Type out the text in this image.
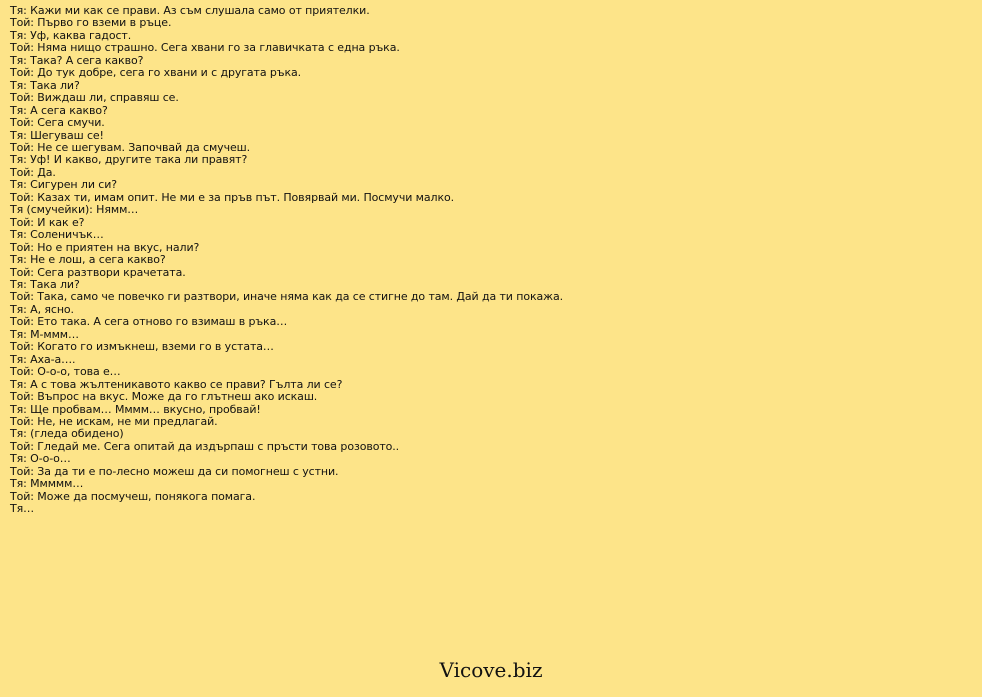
Тя: Кажи ми как се прави. Аз съм слушала само от приятелки.
Той: Първо го вземи в ръце.
Тя: Уф, каква гадост.
Той: Няма нищо страшно. Сега хвани го за главичката с една ръка.
Тя: Така? А сега какво?
Той: До тук добре, сега го хвани и с другата ръка.
Тя: Така ли?
Той: Виждаш ли, справяш се.
Тя: А сега какво?
Той: Сега смучи.
Тя: Шегуваш се!
Той: Не се шегувам. Започвай да смучеш.
Тя: Уф! И какво, другите така ли правят?
Той: Да.
Тя: Сигурен ли си?
Той: Казах ти, имам опит. Не ми е за пръв път. Повярвай ми. Посмучи малко.
Тя (смучейки): Нямм…
Той: И как е?
Тя: Соленичък…
Той: Но е приятен на вкус, нали?
Тя: Не е лош, а сега какво?
Той: Сега разтвори крачетата.
Тя: Така ли?
Той: Така, само че повечко ги разтвори, иначе няма как да се стигне до там. Дай да ти покажа.
Тя: А, ясно.
Той: Ето така. А сега отново го взимаш в ръка…
Тя: М-ммм…
Той: Когато го измъкнеш, вземи го в устата…
Тя: Аха-а….
Той: О-о-о, това е…
Тя: А с това жълтеникавото какво се прави? Гълта ли се?
Той: Въпрос на вкус. Може да го глътнеш ако искаш.
Тя: Ще пробвам… Мммм… вкусно, пробвай!
Той: Не, не искам, не ми предлагай.
Тя: (гледа обидено)
Той: Гледай ме. Сега опитай да издърпаш с пръсти това розовото..
Тя: О-о-о…
Той: За да ти е по-лесно можеш да си помогнеш с устни.
Тя: Ммммм…
Той: Може да посмучеш, понякога помага.
Тя…
Vicove.biz
